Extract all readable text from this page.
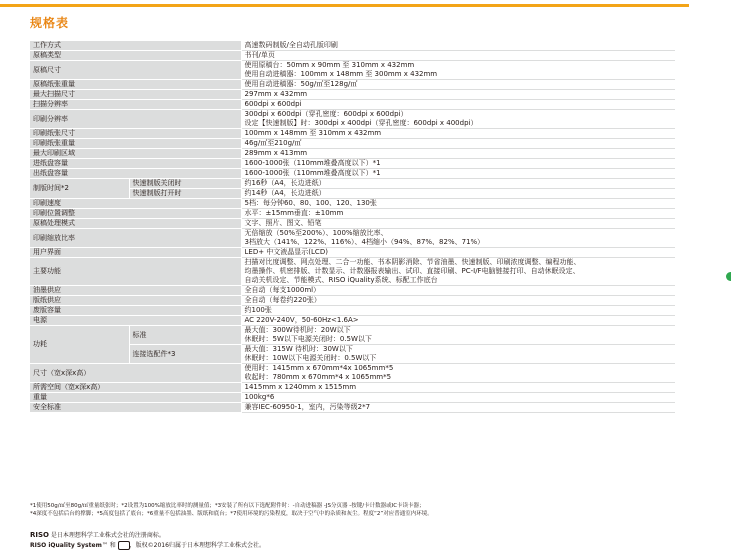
规格表
工作方式		高速数码制版/全自动孔版印刷

原稿类型		书刊/单页

原稿尺寸		使用原稿台：50mm x 90mm 至 310mm x 432mm
使用自动进稿器：100mm x 148mm 至 300mm x 432mm

原稿纸张重量		使用自动进稿器：50g/㎡至128g/㎡

最大扫描尺寸		297mm x 432mm

扫描分辨率		600dpi x 600dpi

印刷分辨率		300dpi x 600dpi（穿孔密度：600dpi x 600dpi）
设定【快速制版】时：300dpi x 400dpi（穿孔密度：600dpi x 400dpi）

印刷纸张尺寸		100mm x 148mm 至 310mm x 432mm

印刷纸张重量		46g/㎡至210g/㎡

最大印刷区域		289mm x 413mm

进纸盘容量		1600-1000张（110mm堆叠高度以下）*1

出纸盘容量		1600-1000张（110mm堆叠高度以下）*1

制版时间*2	快速制版关闭时	约16秒（A4，长边进纸）

	快速制版打开时	约14秒（A4，长边进纸）

印刷速度		5档：每分钟60、80、100、120、130张

印刷位置调整		水平：±15mm垂直：±10mm

原稿处理模式		文字、照片、图文、铅笔

印刷缩放比率		无倍缩放（50%至200%）、100%缩放比率、
3档放大（141%、122%、116%）、4档缩小（94%、87%、82%、71%）

用户界面		LED+ 中文液晶显示(LCD)

主要功能		扫描对比度调整、网点处理、二合一功能、书本阴影消除、节省油墨、快速制版、印刷浓度调整、编程功能、
均墨操作、机密排版、计数显示、计数器报表输出、试印、直接印刷、PC-I/F电脑链接打印、自动休眠设定、
自动关机设定、节能模式、RISO iQuality系统、标配工作底台

油墨供应		全自动（每支1000ml）

版纸供应		全自动（每卷约220张）

废版容量		约100张

电源		AC 220V-240V，50-60Hz<1.6A>

功耗	标准	最大值：300W待机时：20W以下
休眠时：5W以下电源关闭时：0.5W以下

	连接选配件*3	最大值：315W 待机时：30W以下
休眠时：10W以下电源关闭时：0.5W以下

尺寸（宽x深x高）		使用时：1415mm x 670mm*4x 1065mm*5
收起时：780mm x 670mm*4 x 1065mm*5

所需空间（宽x深x高）		1415mm x 1240mm x 1515mm

重量		100kg*6

安全标准		兼容IEC-60950-1，室内，污染等级2*7
*1使用50g/㎡至80g/㎡重量纸张时；*2设置为100%缩放比率时的测量值；*3安装了所有以下选配附件时：-自动进稿器 -JS分页器 -按键/卡计数器或IC卡读卡器；
*4深度不包括后台的撑脚；*5高度包括了底台；*6重量不包括油墨、版纸和底台；*7使用环境的污染程度，取决于空气中的杂质和灰尘。程度“2”对应普通室内环境。
RISO 是日本理想科学工业株式会社的注册商标。
RISO iQuality System™ 和 ，版权©2016归属于日本理想科学工业株式会社。
